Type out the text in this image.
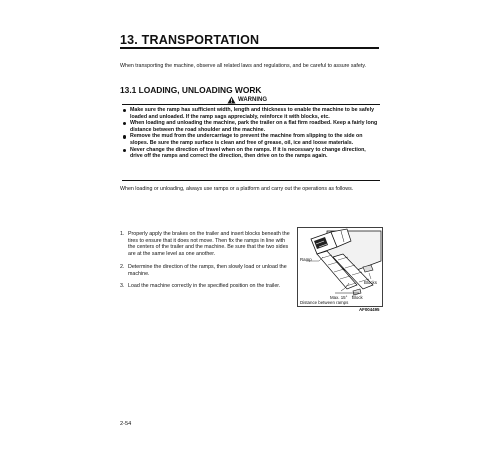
13. TRANSPORTATION

When transporting the machine, observe all related laws and regulations, and be careful to assure safety.

13.1 LOADING, UNLOADING WORK
WARNING
Make sure the ramp has sufficient width, length and thickness to enable the machine to be safely loaded and unloaded. If the ramp sags appreciably, reinforce it with blocks, etc.
When loading and unloading the machine, park the trailer on a flat firm roadbed. Keep a fairly long distance between the road shoulder and the machine.
Remove the mud from the undercarriage to prevent the machine from slipping to the side on slopes. Be sure the ramp surface is clean and free of grease, oil, ice and loose materials.
Never change the direction of travel when on the ramps. If it is necessary to change direction, drive off the ramps and correct the direction, then drive on to the ramps again.

When loading or unloading, always use ramps or a platform and carry out the operations as follows.

1. Properly apply the brakes on the trailer and insert blocks beneath the tires to ensure that it does not move. Then fix the ramps in line with the centers of the trailer and the machine. Be sure that the two sides are at the same level as one another.
2. Determine the direction of the ramps, then slowly load or unload the machine.
3. Load the machine correctly in the specified position on the trailer.
Ramp
Blocks
Max. 15° Block
Distance between ramps
AF004495
2-54
